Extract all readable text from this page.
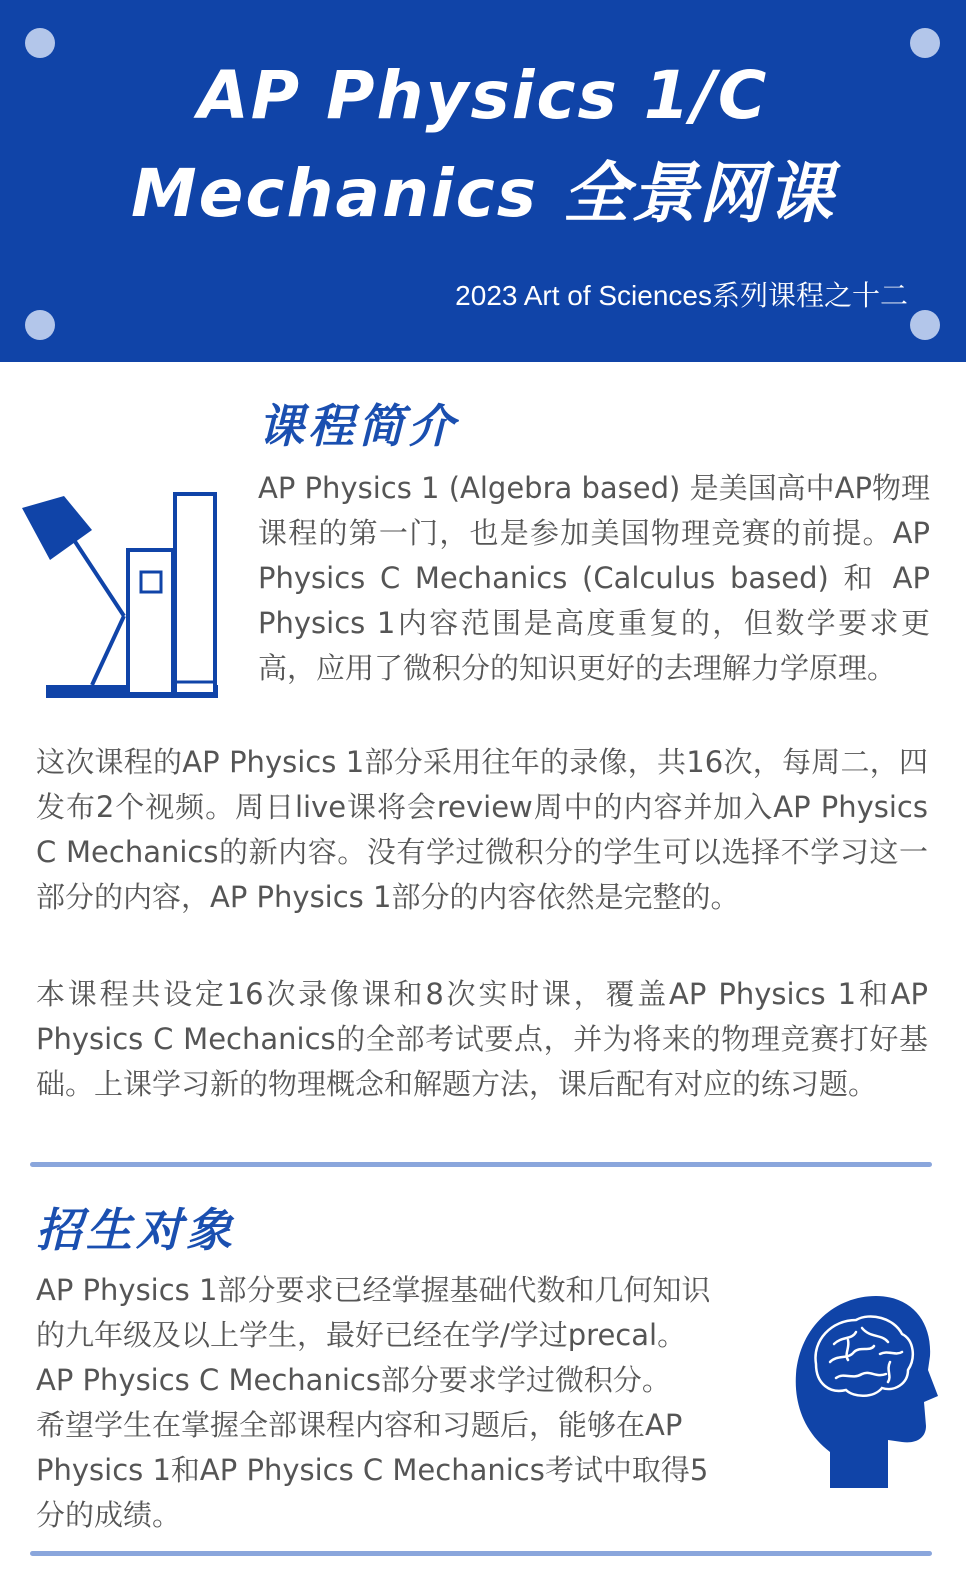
AP Physics 1/C
Mechanics 全景网课
2023 Art of Sciences系列课程之十二
课程简介

AP Physics 1 (Algebra based) 是美国高中AP物理课程的第一门，也是参加美国物理竞赛的前提。AP Physics C Mechanics (Calculus based) 和 AP Physics 1内容范围是高度重复的，但数学要求更高，应用了微积分的知识更好的去理解力学原理。

这次课程的AP Physics 1部分采用往年的录像，共16次，每周二，四发布2个视频。周日live课将会review周中的内容并加入AP Physics C Mechanics的新内容。没有学过微积分的学生可以选择不学习这一部分的内容，AP Physics 1部分的内容依然是完整的。

本课程共设定16次录像课和8次实时课，覆盖AP Physics 1和AP Physics C Mechanics的全部考试要点，并为将来的物理竞赛打好基础。上课学习新的物理概念和解题方法，课后配有对应的练习题。

招生对象
AP Physics 1部分要求已经掌握基础代数和几何知识
的九年级及以上学生，最好已经在学/学过precal。
AP Physics C Mechanics部分要求学过微积分。
希望学生在掌握全部课程内容和习题后，能够在AP
Physics 1和AP Physics C Mechanics考试中取得5
分的成绩。
